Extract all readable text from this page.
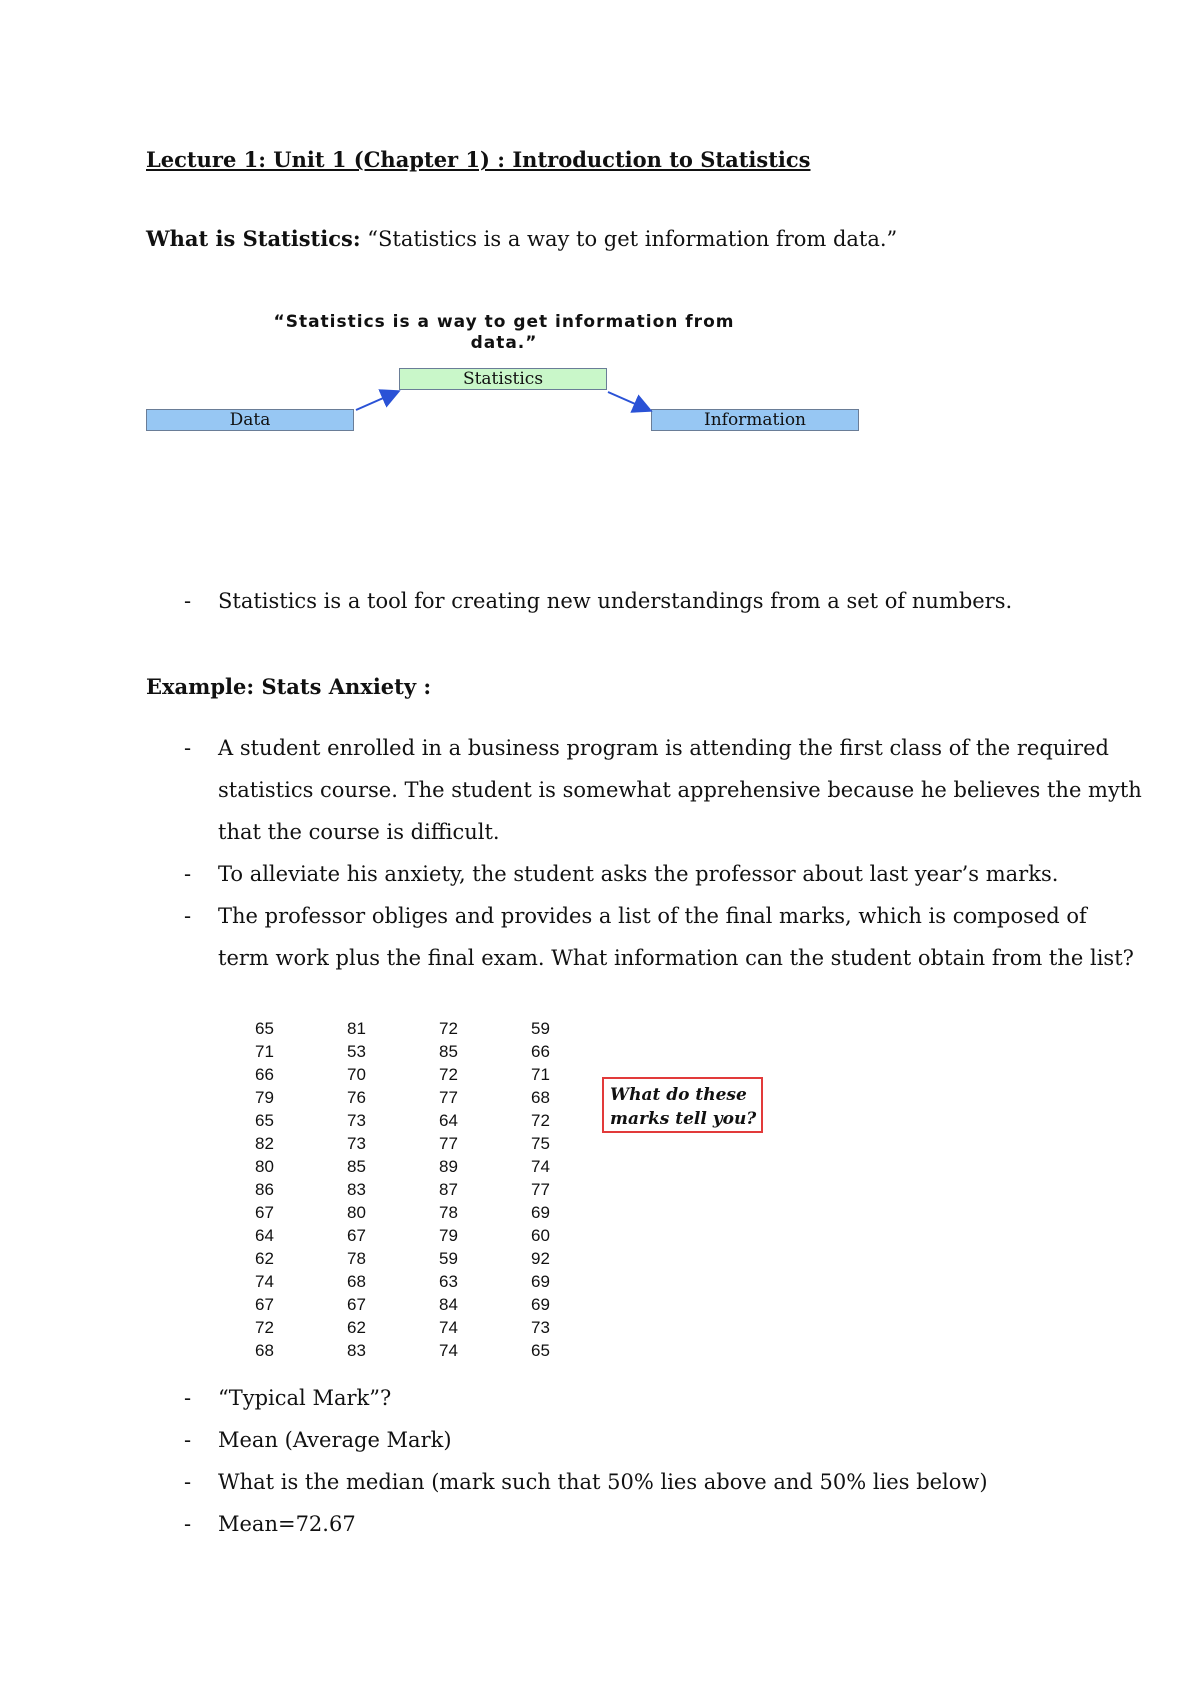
Lecture 1: Unit 1 (Chapter 1) : Introduction to Statistics
What is Statistics: “Statistics is a way to get information from data.”
“Statistics is a way to get information from
data.”
Statistics
Data	Information
- Statistics is a tool for creating new understandings from a set of numbers.
Example: Stats Anxiety :
- A student enrolled in a business program is attending the first class of the required
statistics course. The student is somewhat apprehensive because he believes the myth
that the course is difficult.
- To alleviate his anxiety, the student asks the professor about last year’s marks.
- The professor obliges and provides a list of the final marks, which is composed of
term work plus the final exam. What information can the student obtain from the list?
65
71
66
79
65
82
80
86
67
64
62
74
67
72
68
81
53
70
76
73
73
85
83
80
67
78
68
67
62
83
72
85
72
77
64
77
89
87
78
79
59
63
84
74
74
59
66
71
68
72
75
74
77
69
60
92
69
69
73
65
What do these
marks tell you?
- “Typical Mark”?
- Mean (Average Mark)
- What is the median (mark such that 50% lies above and 50% lies below)
- Mean=72.67
